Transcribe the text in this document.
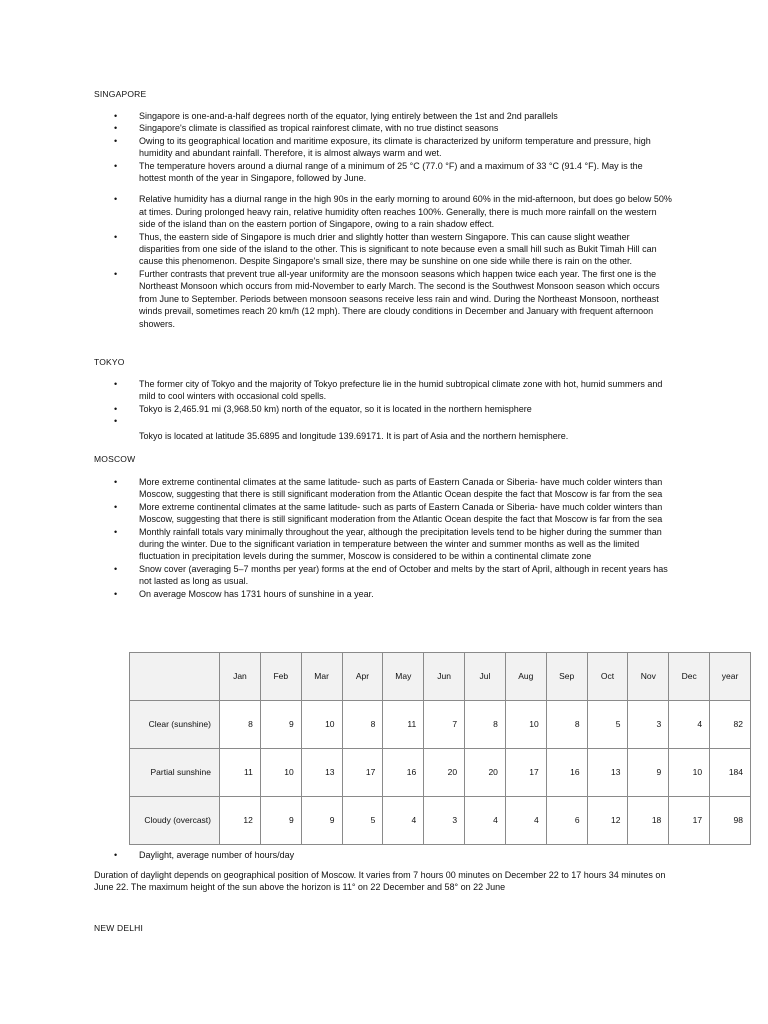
SINGAPORE
• Singapore is one-and-a-half degrees north of the equator, lying entirely between the 1st and 2nd parallels
• Singapore's climate is classified as tropical rainforest climate, with no true distinct seasons
• Owing to its geographical location and maritime exposure, its climate is characterized by uniform temperature and pressure, high humidity and abundant rainfall. Therefore, it is almost always warm and wet.
• The temperature hovers around a diurnal range of a minimum of 25 °C (77.0 °F) and a maximum of 33 °C (91.4 °F). May is the hottest month of the year in Singapore, followed by June.
• Relative humidity has a diurnal range in the high 90s in the early morning to around 60% in the mid-afternoon, but does go below 50% at times. During prolonged heavy rain, relative humidity often reaches 100%. Generally, there is much more rainfall on the western side of the island than on the eastern portion of Singapore, owing to a rain shadow effect.
• Thus, the eastern side of Singapore is much drier and slightly hotter than western Singapore. This can cause slight weather disparities from one side of the island to the other. This is significant to note because even a small hill such as Bukit Timah Hill can cause this phenomenon. Despite Singapore's small size, there may be sunshine on one side while there is rain on the other.
• Further contrasts that prevent true all-year uniformity are the monsoon seasons which happen twice each year. The first one is the Northeast Monsoon which occurs from mid-November to early March. The second is the Southwest Monsoon season which occurs from June to September. Periods between monsoon seasons receive less rain and wind. During the Northeast Monsoon, northeast winds prevail, sometimes reach 20 km/h (12 mph). There are cloudy conditions in December and January with frequent afternoon showers.
TOKYO
• The former city of Tokyo and the majority of Tokyo prefecture lie in the humid subtropical climate zone with hot, humid summers and mild to cool winters with occasional cold spells.
• Tokyo is 2,465.91 mi (3,968.50 km) north of the equator, so it is located in the northern hemisphere
•
Tokyo is located at latitude 35.6895 and longitude 139.69171. It is part of Asia and the northern hemisphere.
MOSCOW
• More extreme continental climates at the same latitude- such as parts of Eastern Canada or Siberia- have much colder winters than Moscow, suggesting that there is still significant moderation from the Atlantic Ocean despite the fact that Moscow is far from the sea
• More extreme continental climates at the same latitude- such as parts of Eastern Canada or Siberia- have much colder winters than Moscow, suggesting that there is still significant moderation from the Atlantic Ocean despite the fact that Moscow is far from the sea
• Monthly rainfall totals vary minimally throughout the year, although the precipitation levels tend to be higher during the summer than during the winter. Due to the significant variation in temperature between the winter and summer months as well as the limited fluctuation in precipitation levels during the summer, Moscow is considered to be within a continental climate zone
• Snow cover (averaging 5–7 months per year) forms at the end of October and melts by the start of April, although in recent years has not lasted as long as usual.
• On average Moscow has 1731 hours of sunshine in a year.
	Jan	Feb	Mar	Apr	May	Jun	Jul	Aug	Sep	Oct	Nov	Dec	year
Clear (sunshine)	8	9	10	8	11	7	8	10	8	5	3	4	82
Partial sunshine	11	10	13	17	16	20	20	17	16	13	9	10	184
Cloudy (overcast)	12	9	9	5	4	3	4	4	6	12	18	17	98
• Daylight, average number of hours/day
Duration of daylight depends on geographical position of Moscow. It varies from 7 hours 00 minutes on December 22 to 17 hours 34 minutes on June 22. The maximum height of the sun above the horizon is 11° on 22 December and 58° on 22 June
NEW DELHI
